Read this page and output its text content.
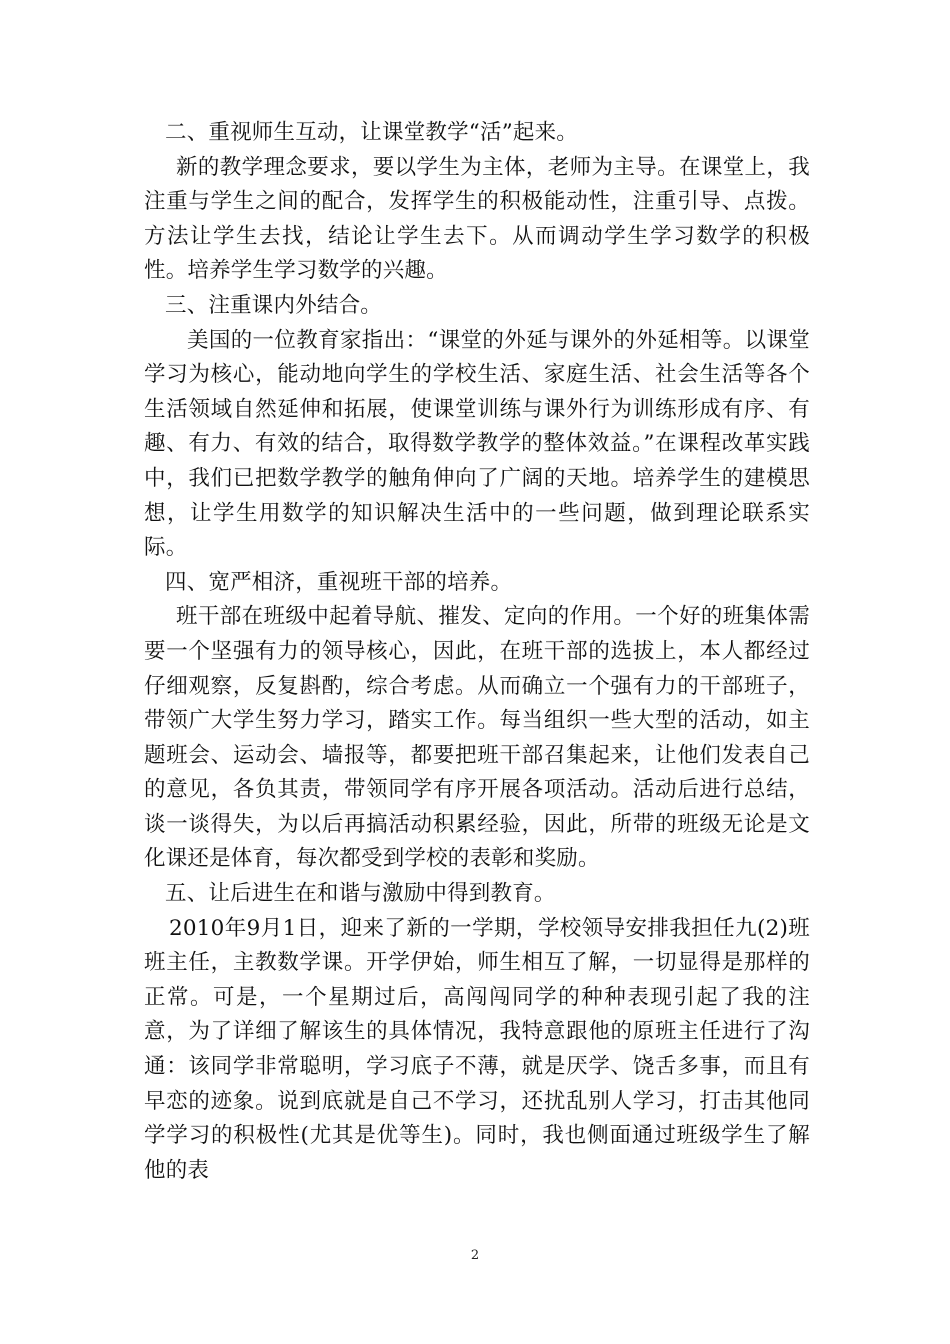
二、重视师生互动，让课堂教学“活”起来。

新的教学理念要求，要以学生为主体，老师为主导。在课堂上，我注重与学生之间的配合，发挥学生的积极能动性，注重引导、点拨。方法让学生去找，结论让学生去下。从而调动学生学习数学的积极性。培养学生学习数学的兴趣。

三、注重课内外结合。

美国的一位教育家指出：“课堂的外延与课外的外延相等。以课堂学习为核心，能动地向学生的学校生活、家庭生活、社会生活等各个生活领域自然延伸和拓展，使课堂训练与课外行为训练形成有序、有趣、有力、有效的结合，取得数学教学的整体效益。”在课程改革实践中，我们已把数学教学的触角伸向了广阔的天地。培养学生的建模思想，让学生用数学的知识解决生活中的一些问题，做到理论联系实际。

四、宽严相济，重视班干部的培养。

班干部在班级中起着导航、摧发、定向的作用。一个好的班集体需要一个坚强有力的领导核心，因此，在班干部的选拔上，本人都经过仔细观察，反复斟酌，综合考虑。从而确立一个强有力的干部班子，带领广大学生努力学习，踏实工作。每当组织一些大型的活动，如主题班会、运动会、墙报等，都要把班干部召集起来，让他们发表自己的意见，各负其责，带领同学有序开展各项活动。活动后进行总结，谈一谈得失，为以后再搞活动积累经验，因此，所带的班级无论是文化课还是体育，每次都受到学校的表彰和奖励。

五、让后进生在和谐与激励中得到教育。

2010年9月1日，迎来了新的一学期，学校领导安排我担任九(2)班班主任，主教数学课。开学伊始，师生相互了解，一切显得是那样的正常。可是，一个星期过后，高闯闯同学的种种表现引起了我的注意，为了详细了解该生的具体情况，我特意跟他的原班主任进行了沟通：该同学非常聪明，学习底子不薄，就是厌学、饶舌多事，而且有早恋的迹象。说到底就是自己不学习，还扰乱别人学习，打击其他同学学习的积极性(尤其是优等生)。同时，我也侧面通过班级学生了解他的表

2
